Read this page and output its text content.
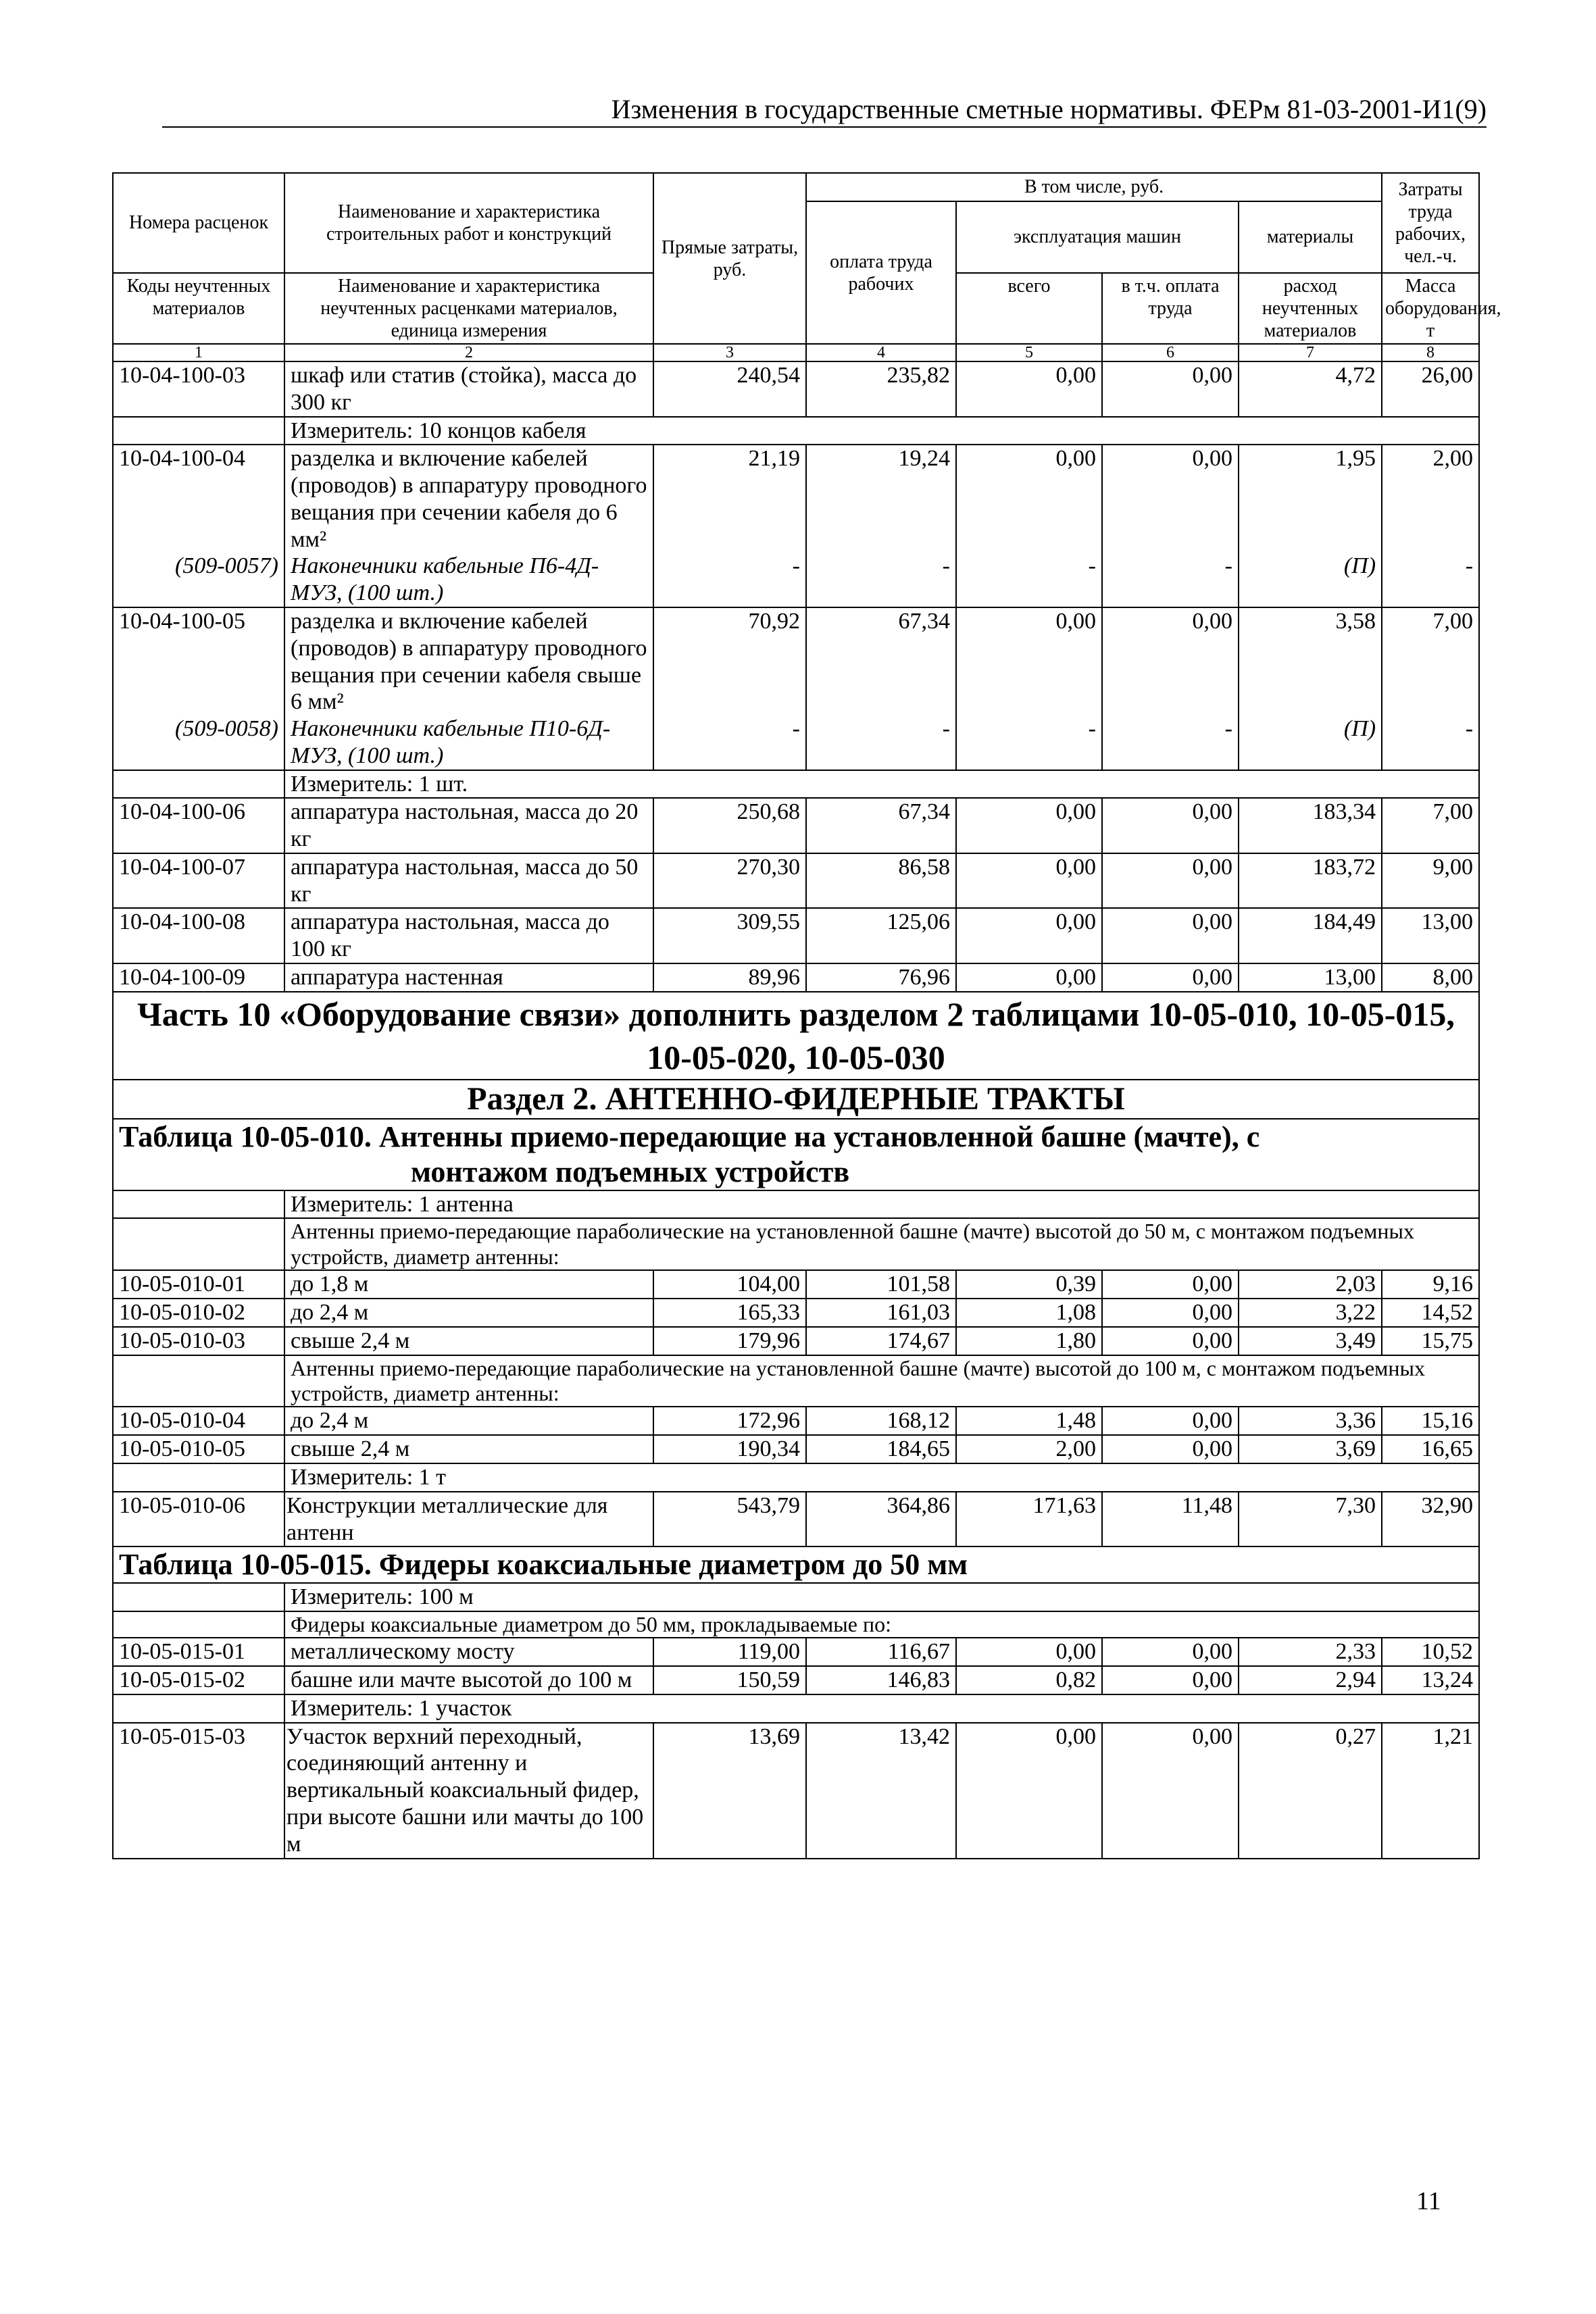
Изменения в государственные сметные нормативы. ФЕРм 81-03-2001-И1(9)
Номера расценок	Наименование и характеристика строительных работ и конструкций	Прямые затраты, руб.	В том числе, руб.				Затраты труда рабочих, чел.-ч.
			оплата труда рабочих	эксплуатация машин		материалы	
Коды неучтенных материалов	Наименование и характеристика неучтенных расценками материалов, единица измерения			всего	в т.ч. оплата труда	расход неучтенных материалов	Масса оборудования, т

1	2	3	4	5	6	7	8
10-04-100-03	шкаф или статив (стойка), масса до 300 кг	240,54	235,82	0,00	0,00	4,72	26,00
	Измеритель: 10 концов кабеля						
10-04-100-04	разделка и включение кабелей (проводов) в аппаратуру проводного вещания при сечении кабеля до 6 мм²	21,19	19,24	0,00	0,00	1,95	2,00
(509-0057)	Наконечники кабельные П6-4Д-МУЗ, (100 шт.)	-	-	-	-	(П)	-
10-04-100-05	разделка и включение кабелей (проводов) в аппаратуру проводного вещания при сечении кабеля свыше 6 мм²	70,92	67,34	0,00	0,00	3,58	7,00
(509-0058)	Наконечники кабельные П10-6Д-МУЗ, (100 шт.)	-	-	-	-	(П)	-
	Измеритель: 1 шт.						
10-04-100-06	аппаратура настольная, масса до 20 кг	250,68	67,34	0,00	0,00	183,34	7,00
10-04-100-07	аппаратура настольная, масса до 50 кг	270,30	86,58	0,00	0,00	183,72	9,00
10-04-100-08	аппаратура настольная, масса до 100 кг	309,55	125,06	0,00	0,00	184,49	13,00
10-04-100-09	аппаратура настенная	89,96	76,96	0,00	0,00	13,00	8,00
Часть 10 «Оборудование связи» дополнить разделом 2 таблицами 10-05-010, 10-05-015, 10-05-020, 10-05-030							
Раздел 2. АНТЕННО-ФИДЕРНЫЕ ТРАКТЫ							
Таблица 10-05-010. Антенны приемо-передающие на установленной башне (мачте), с
монтажом подъемных устройств							

	Измеритель: 1 антенна						
	Антенны приемо-передающие параболические на установленной башне (мачте) высотой до 50 м, с монтажом подъемных устройств, диаметр антенны:						
10-05-010-01	до 1,8 м	104,00	101,58	0,39	0,00	2,03	9,16
10-05-010-02	до 2,4 м	165,33	161,03	1,08	0,00	3,22	14,52
10-05-010-03	свыше 2,4 м	179,96	174,67	1,80	0,00	3,49	15,75
	Антенны приемо-передающие параболические на установленной башне (мачте) высотой до 100 м, с монтажом подъемных устройств, диаметр антенны:						
10-05-010-04	до 2,4 м	172,96	168,12	1,48	0,00	3,36	15,16
10-05-010-05	свыше 2,4 м	190,34	184,65	2,00	0,00	3,69	16,65
	Измеритель: 1 т						
10-05-010-06	Конструкции металлические для антенн	543,79	364,86	171,63	11,48	7,30	32,90
Таблица 10-05-015. Фидеры коаксиальные диаметром до 50 мм							
	Измеритель: 100 м						
	Фидеры коаксиальные диаметром до 50 мм, прокладываемые по:						
10-05-015-01	металлическому мосту	119,00	116,67	0,00	0,00	2,33	10,52
10-05-015-02	башне или мачте высотой до 100 м	150,59	146,83	0,82	0,00	2,94	13,24
	Измеритель: 1 участок						
10-05-015-03	Участок верхний переходный, соединяющий антенну и вертикальный коаксиальный фидер, при высоте башни или мачты до 100 м	13,69	13,42	0,00	0,00	0,27	1,21
11
